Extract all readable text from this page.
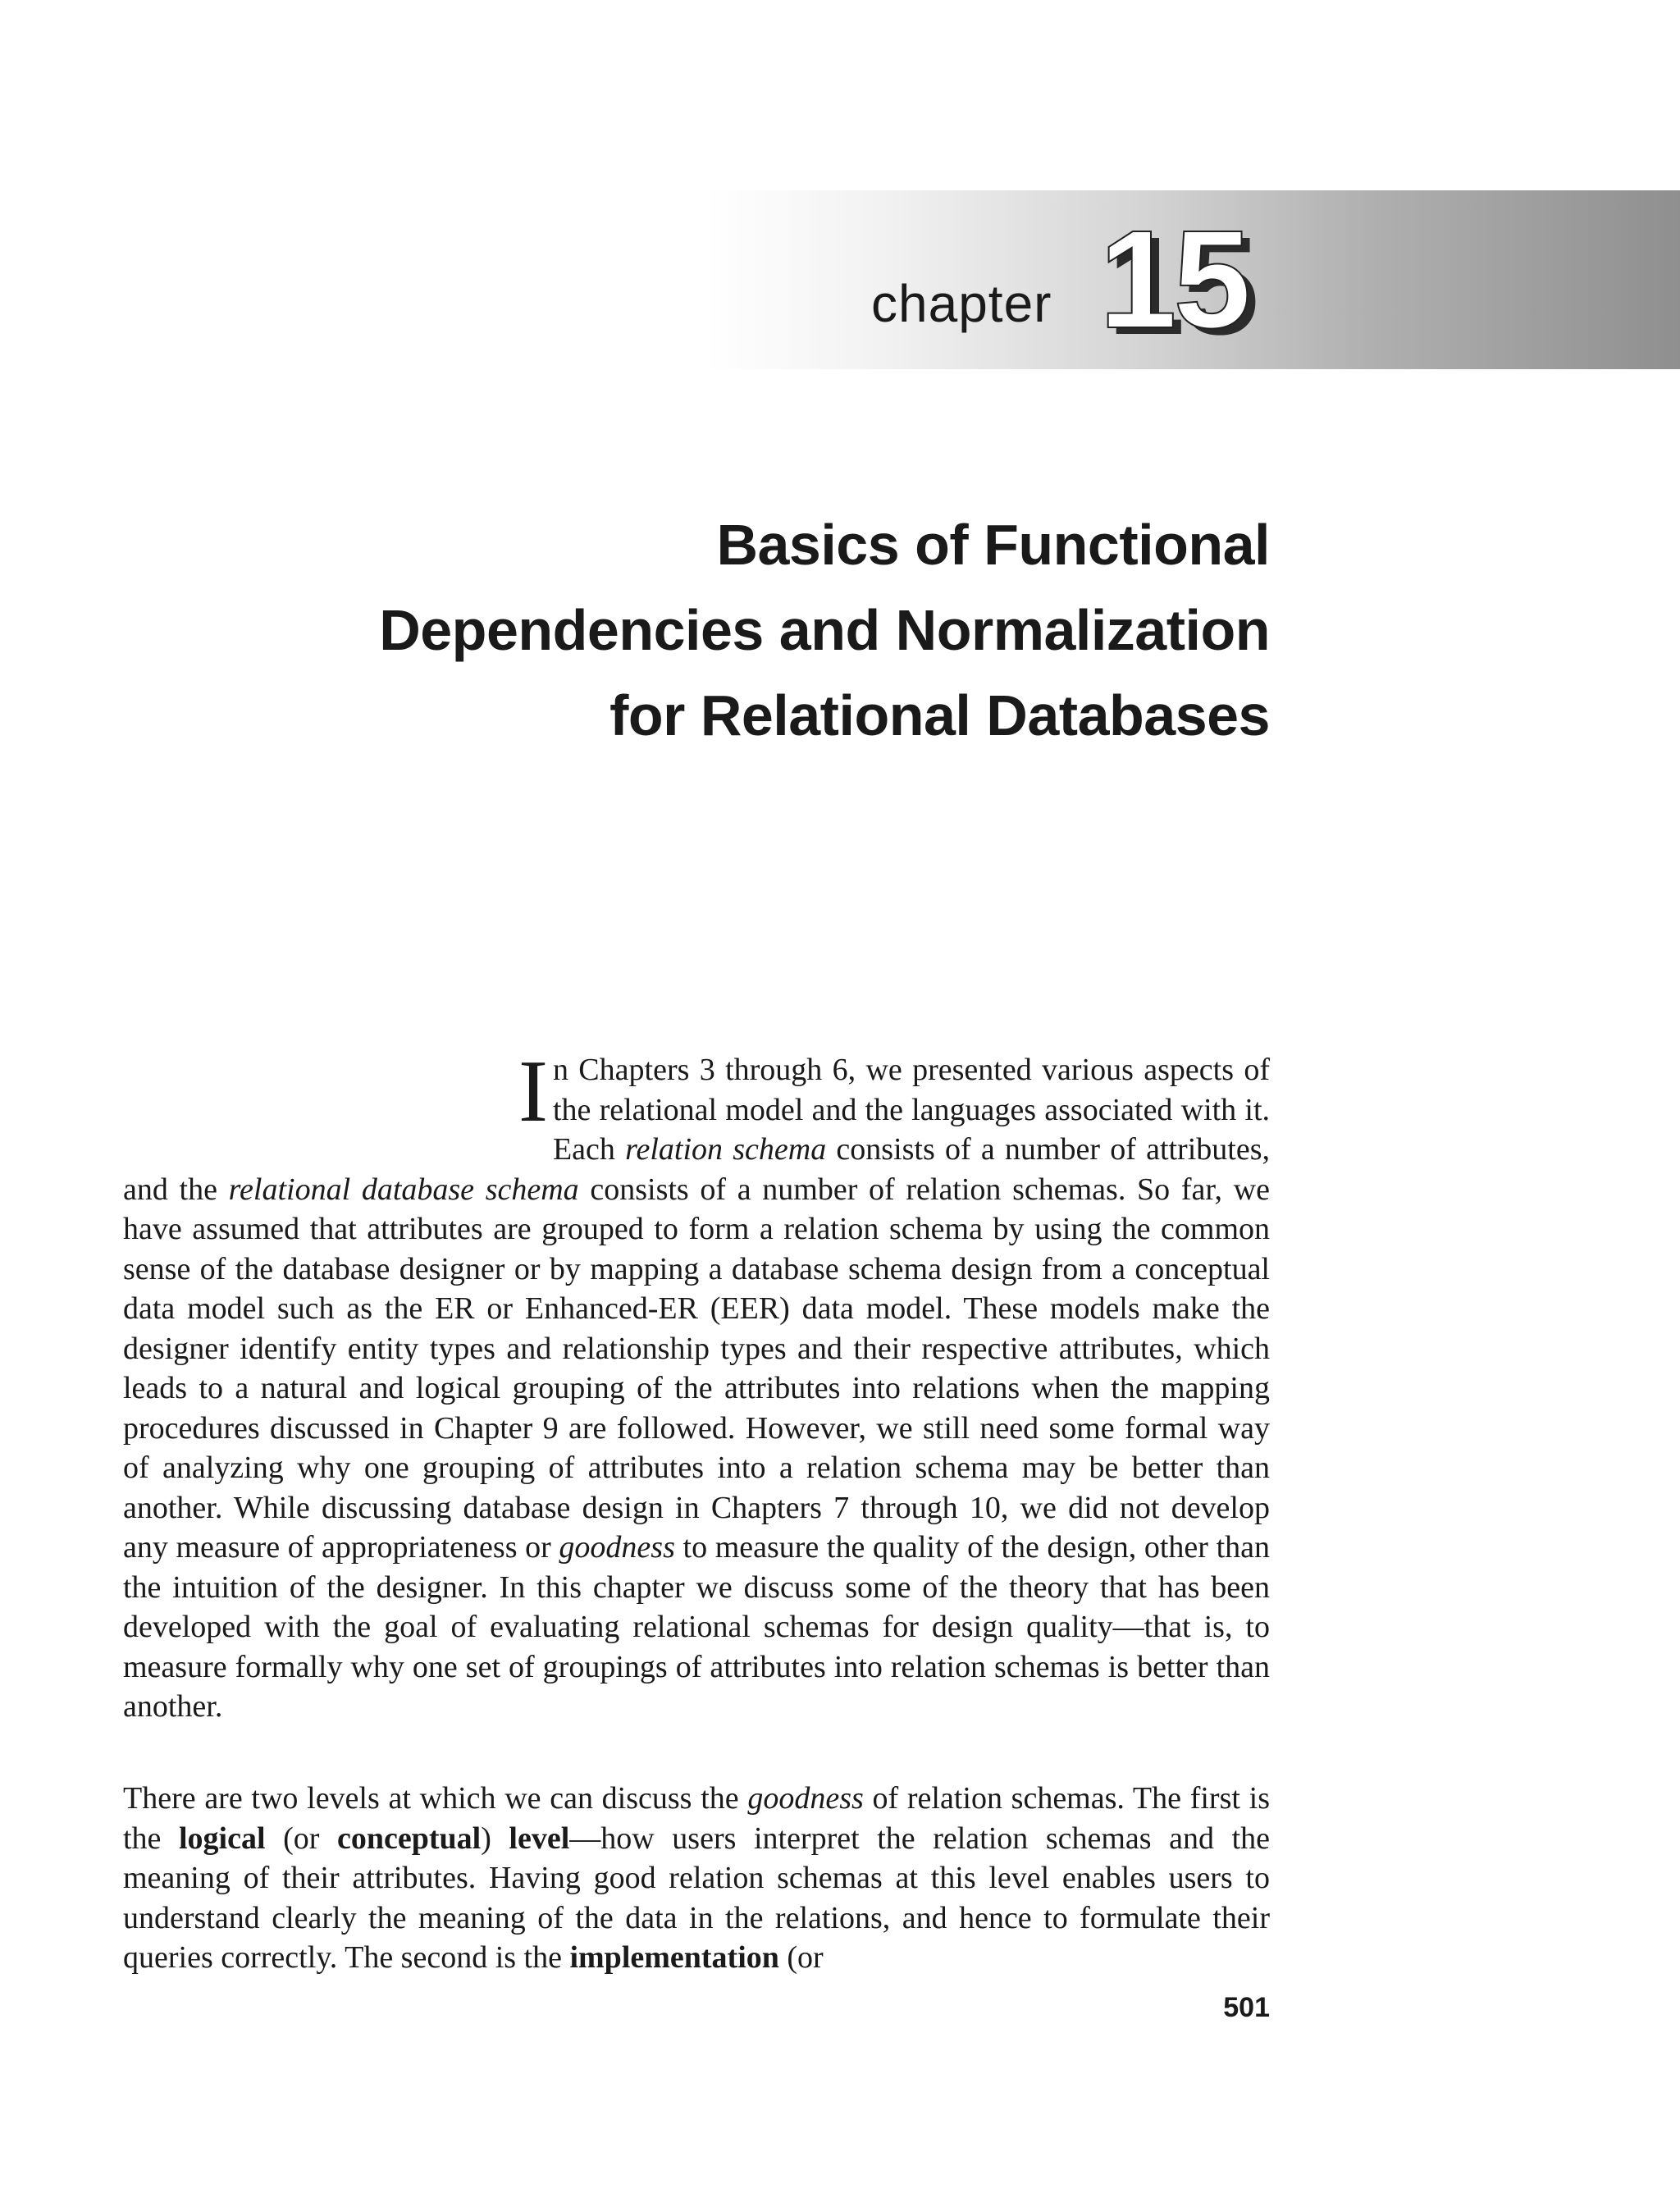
chapter 15
Basics of Functional
Dependencies and Normalization
for Relational Databases
In Chapters 3 through 6, we presented various aspects of the relational model and the languages associated with it. Each relation schema consists of a number of attributes, and the relational database schema consists of a number of relation schemas. So far, we have assumed that attributes are grouped to form a relation schema by using the common sense of the database designer or by mapping a database schema design from a conceptual data model such as the ER or Enhanced-ER (EER) data model. These models make the designer identify entity types and relationship types and their respective attributes, which leads to a natural and logical grouping of the attributes into relations when the mapping procedures discussed in Chapter 9 are followed. However, we still need some formal way of analyzing why one grouping of attributes into a relation schema may be better than another. While discussing database design in Chapters 7 through 10, we did not develop any measure of appropriateness or goodness to measure the quality of the design, other than the intuition of the designer. In this chapter we discuss some of the theory that has been developed with the goal of evaluating relational schemas for design quality—that is, to measure formally why one set of groupings of attributes into relation schemas is better than another.
There are two levels at which we can discuss the goodness of relation schemas. The first is the logical (or conceptual) level—how users interpret the relation schemas and the meaning of their attributes. Having good relation schemas at this level enables users to understand clearly the meaning of the data in the relations, and hence to formulate their queries correctly. The second is the implementation (or
501
